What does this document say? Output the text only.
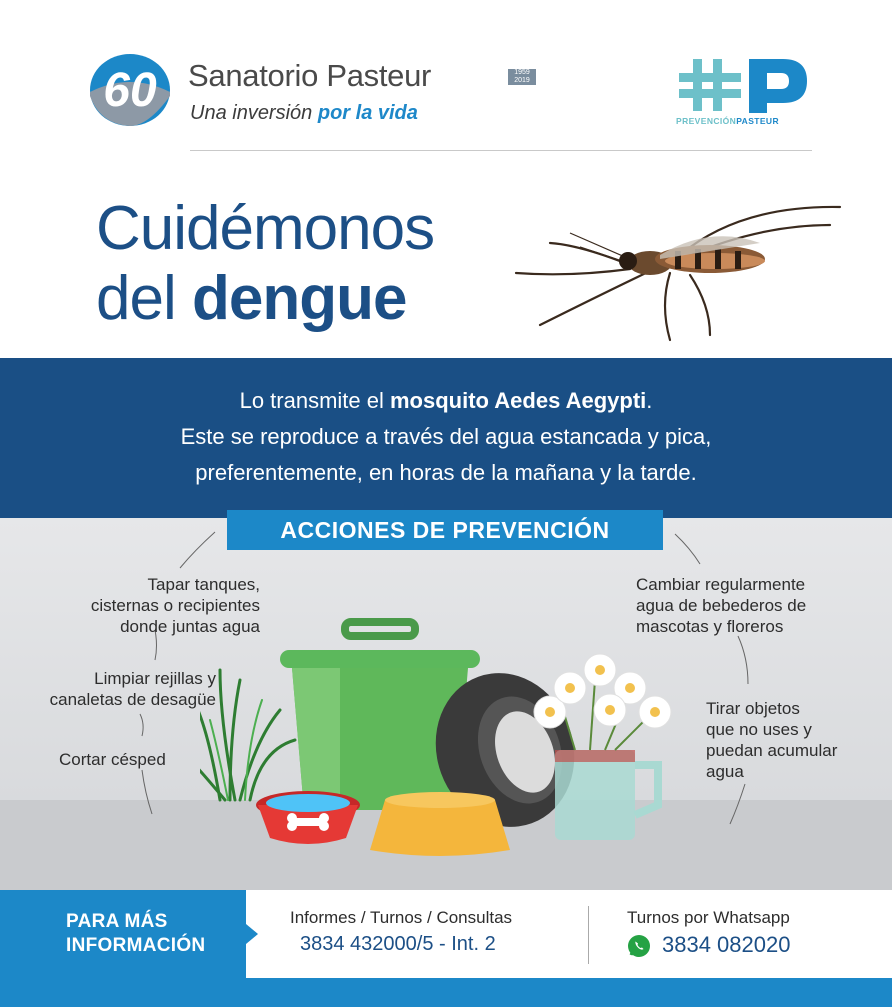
60 Sanatorio Pasteur	1959
2019
Una inversión por la vida	PREVENCIÓNPASTEUR
Cuidémonos
del dengue
Lo transmite el mosquito Aedes Aegypti.
Este se reproduce a través del agua estancada y pica,
preferentemente, en horas de la mañana y la tarde.
ACCIONES DE PREVENCIÓN
Tapar tanques,
cisternas o recipientes
donde juntas agua
Limpiar rejillas y
canaletas de desagüe
Cortar césped
Cambiar regularmente
agua de bebederos de
mascotas y floreros
Tirar objetos
que no uses y
puedan acumular
agua
PARA MÁS
INFORMACIÓN
Informes / Turnos / Consultas
3834 432000/5 - Int. 2
Turnos por Whatsapp
3834 082020
